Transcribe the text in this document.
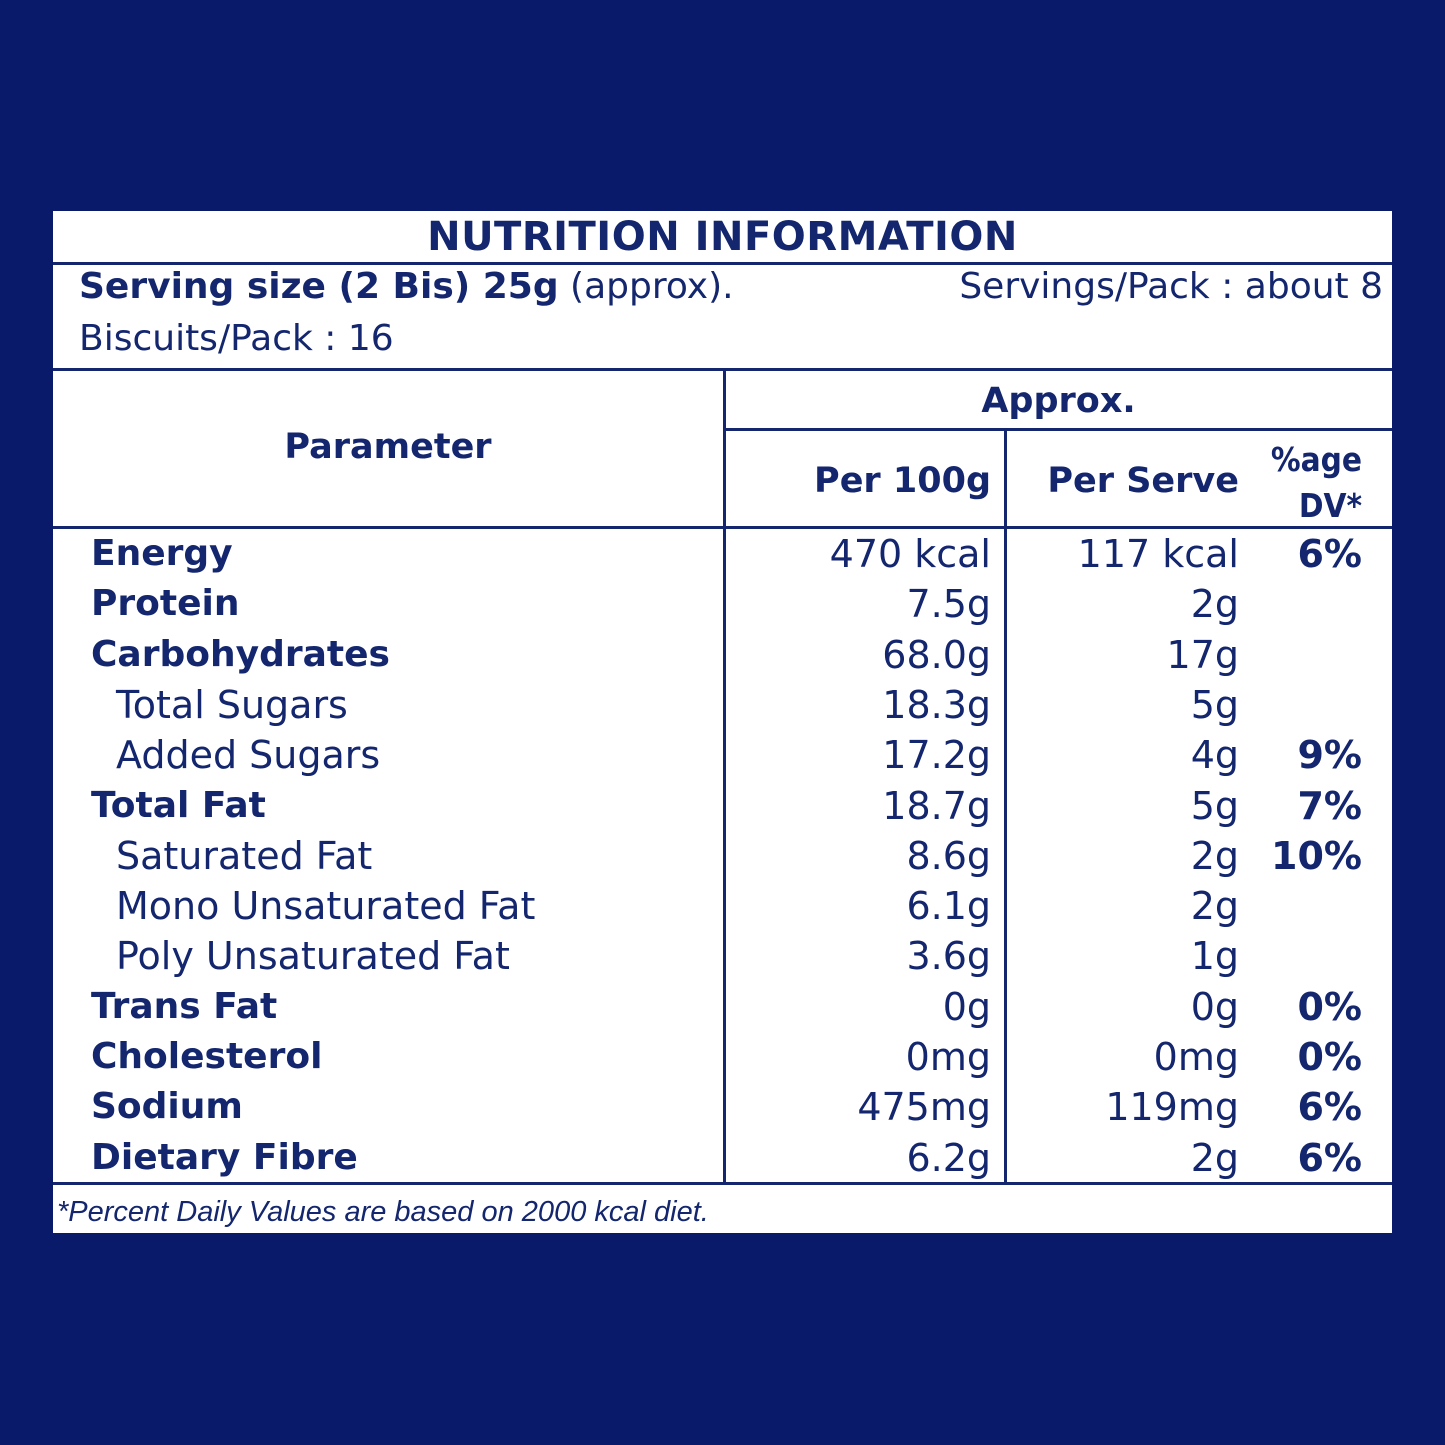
NUTRITION INFORMATION
Serving size (2 Bis) 25g (approx).	Servings/Pack : about 8
Biscuits/Pack : 16
Parameter
Approx.
Per 100g Per Serve
%age
DV*
Energy	470 kcal 117 kcal 6%
Protein	7.5g	2g
Carbohydrates	68.0g	17g
Total Sugars	18.3g	5g
Added Sugars	17.2g	4g 9%
Total Fat	18.7g	5g 7%
Saturated Fat	8.6g	2g 10%
Mono Unsaturated Fat	6.1g	2g
Poly Unsaturated Fat	3.6g	1g
Trans Fat	0g	0g 0%
Cholesterol	0mg	0mg 0%
Sodium	475mg	119mg 6%
Dietary Fibre	6.2g	2g 6%
*Percent Daily Values are based on 2000 kcal diet.
